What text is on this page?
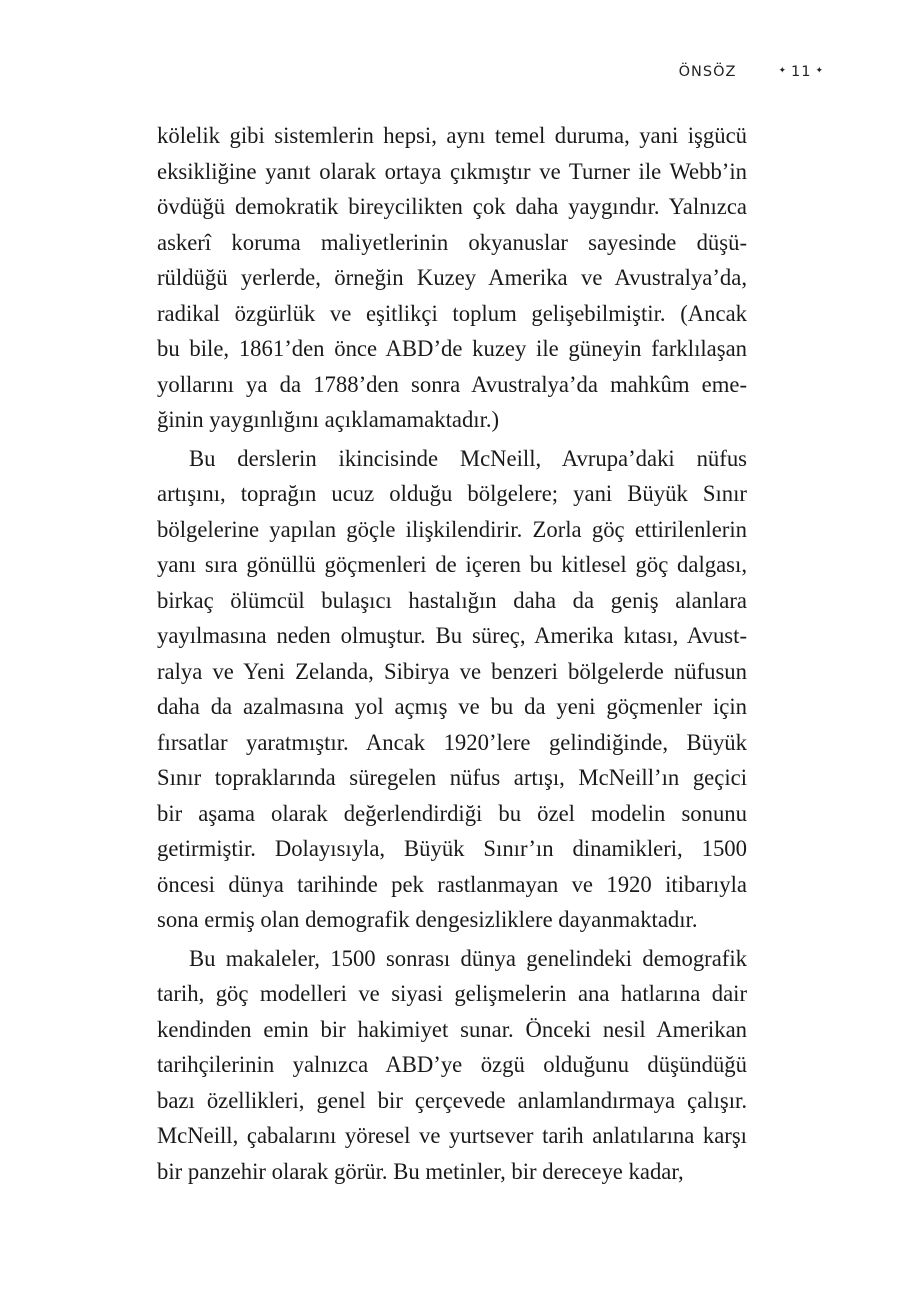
ÖNSÖZ	✦ 11 ✦
kölelik gibi sistemlerin hepsi, aynı temel duruma, yani işgücü
eksikliğine yanıt olarak ortaya çıkmıştır ve Turner ile Webb’in
övdüğü demokratik bireycilikten çok daha yaygındır. Yalnızca
askerî koruma maliyetlerinin okyanuslar sayesinde düşü-
rüldüğü yerlerde, örneğin Kuzey Amerika ve Avustralya’da,
radikal özgürlük ve eşitlikçi toplum gelişebilmiştir. (Ancak
bu bile, 1861’den önce ABD’de kuzey ile güneyin farklılaşan
yollarını ya da 1788’den sonra Avustralya’da mahkûm eme-
ğinin yaygınlığını açıklamamaktadır.)
Bu derslerin ikincisinde McNeill, Avrupa’daki nüfus
artışını, toprağın ucuz olduğu bölgelere; yani Büyük Sınır
bölgelerine yapılan göçle ilişkilendirir. Zorla göç ettirilenlerin
yanı sıra gönüllü göçmenleri de içeren bu kitlesel göç dalgası,
birkaç ölümcül bulaşıcı hastalığın daha da geniş alanlara
yayılmasına neden olmuştur. Bu süreç, Amerika kıtası, Avust-
ralya ve Yeni Zelanda, Sibirya ve benzeri bölgelerde nüfusun
daha da azalmasına yol açmış ve bu da yeni göçmenler için
fırsatlar yaratmıştır. Ancak 1920’lere gelindiğinde, Büyük
Sınır topraklarında süregelen nüfus artışı, McNeill’ın geçici
bir aşama olarak değerlendirdiği bu özel modelin sonunu
getirmiştir. Dolayısıyla, Büyük Sınır’ın dinamikleri, 1500
öncesi dünya tarihinde pek rastlanmayan ve 1920 itibarıyla
sona ermiş olan demografik dengesizliklere dayanmaktadır.
Bu makaleler, 1500 sonrası dünya genelindeki demografik
tarih, göç modelleri ve siyasi gelişmelerin ana hatlarına dair
kendinden emin bir hakimiyet sunar. Önceki nesil Amerikan
tarihçilerinin yalnızca ABD’ye özgü olduğunu düşündüğü
bazı özellikleri, genel bir çerçevede anlamlandırmaya çalışır.
McNeill, çabalarını yöresel ve yurtsever tarih anlatılarına karşı
bir panzehir olarak görür. Bu metinler, bir dereceye kadar,
